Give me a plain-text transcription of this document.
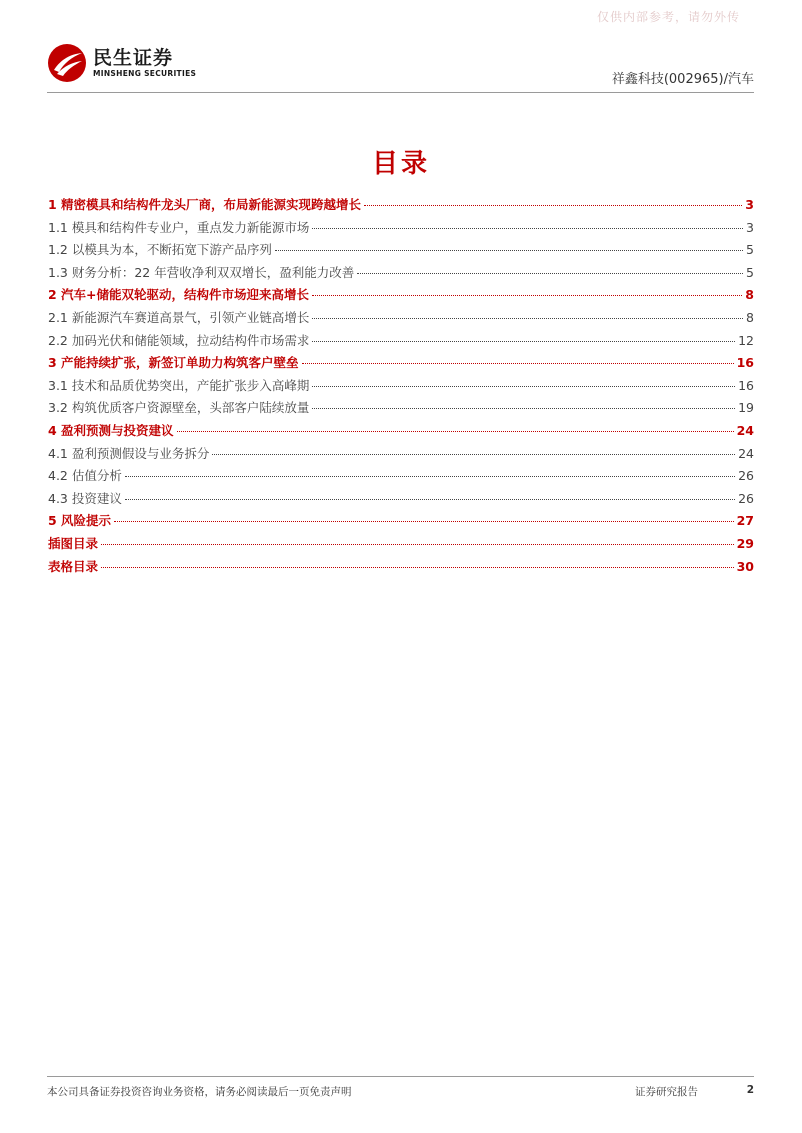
仅供内部参考，请勿外传
民生证券
MINSHENG SECURITIES	祥鑫科技(002965)/汽车
目录
1 精密模具和结构件龙头厂商，布局新能源实现跨越增长	3
1.1 模具和结构件专业户，重点发力新能源市场	3
1.2 以模具为本，不断拓宽下游产品序列	5
1.3 财务分析：22 年营收净利双双增长，盈利能力改善	5
2 汽车+储能双轮驱动，结构件市场迎来高增长	8
2.1 新能源汽车赛道高景气，引领产业链高增长	8
2.2 加码光伏和储能领域，拉动结构件市场需求	12
3 产能持续扩张，新签订单助力构筑客户壁垒	16
3.1 技术和品质优势突出，产能扩张步入高峰期	16
3.2 构筑优质客户资源壁垒，头部客户陆续放量	19
4 盈利预测与投资建议	24
4.1 盈利预测假设与业务拆分	24
4.2 估值分析	26
4.3 投资建议	26
5 风险提示	27
插图目录	29
表格目录	30
本公司具备证券投资咨询业务资格，请务必阅读最后一页免责声明	证券研究报告	2
